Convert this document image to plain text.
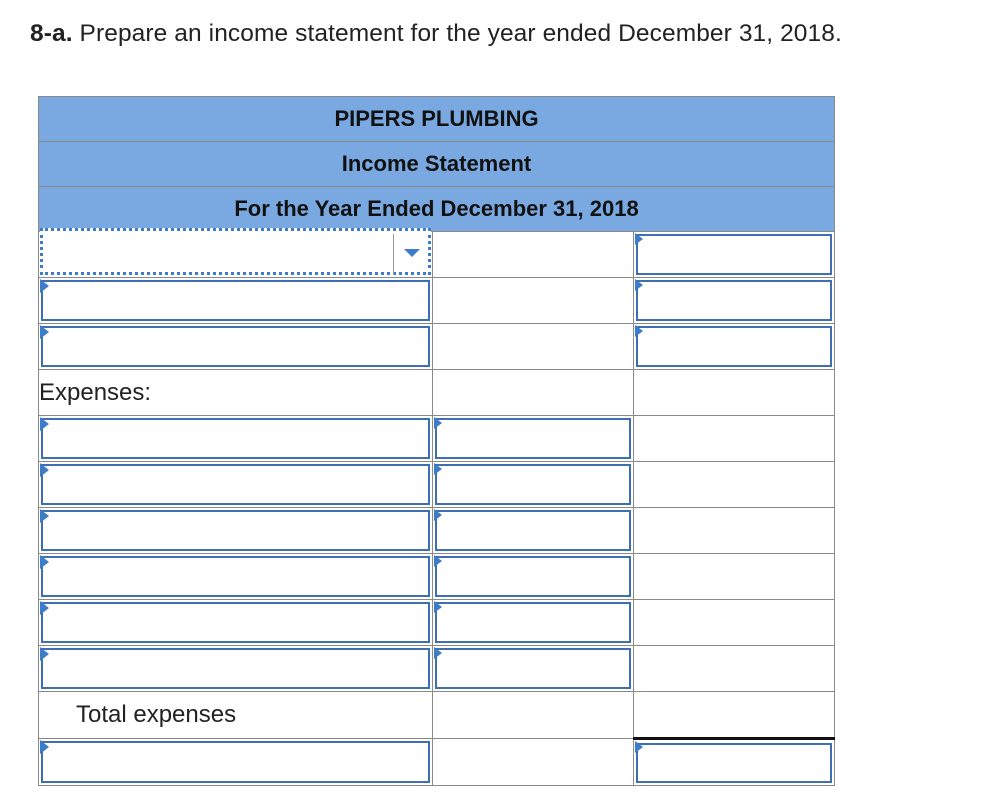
8-a. Prepare an income statement for the year ended December 31, 2018.
PIPERS PLUMBING		
Income Statement		
For the Year Ended December 31, 2018		

Expenses:		

Total expenses		
